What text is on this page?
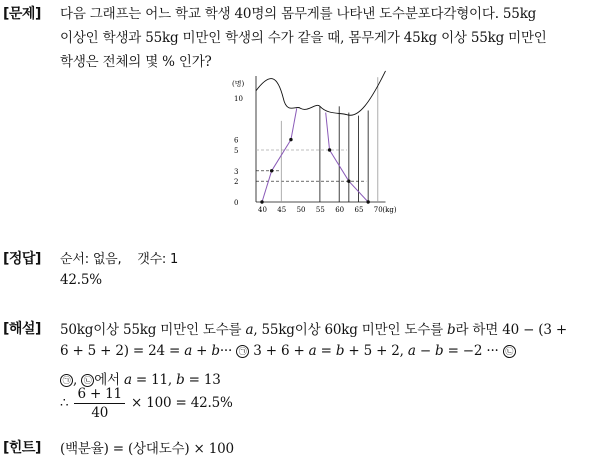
[문제] 다음 그래프는 어느 학교 학생 40명의 몸무게를 나타낸 도수분포다각형이다. 55kg
이상인 학생과 55kg 미만인 학생의 수가 같을 때, 몸무게가 45kg 이상 55kg 미만인
학생은 전체의 몇 % 인가?
0
2
3
5
6
10
(명)
40 45 50 55 60 65 70 (kg)
[정답] 순서: 없음, 갯수: 1
42.5%
[해설] 50kg이상 55kg 미만인 도수를 a, 55kg이상 60kg 미만인 도수를 b라 하면 40 − (3 +
6 + 5 + 2) = 24 = a + b··· ㉠ 3 + 6 + a = b + 5 + 2, a − b = −2 ··· ㉡
㉠ , ㉡ 에서 a = 11, b = 13
∴ $\frac{6 + 11}{40} \times 100 = 42.5\%$
[힌트] (백분율) = (상대도수) × 100
